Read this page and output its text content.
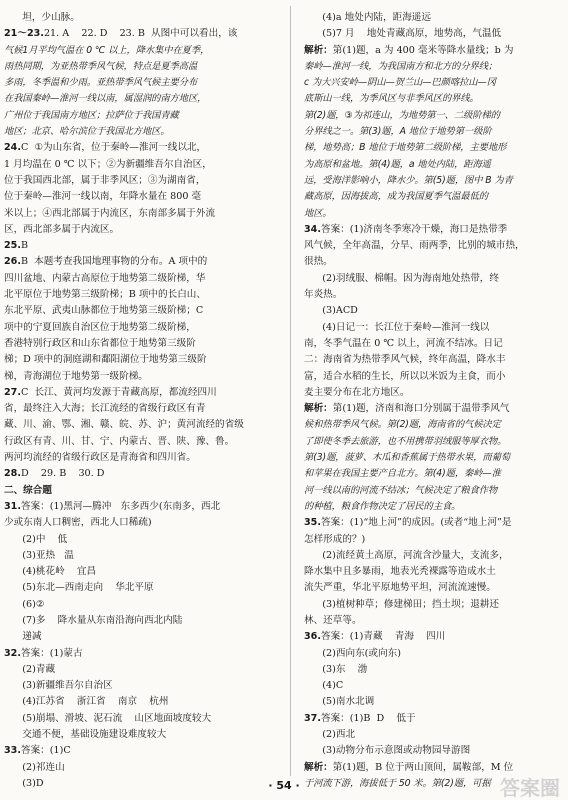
坦，少山脉。
21～23.21. A    22. D    23. B  从图中可以看出，该
气候1月平均气温在 0 ℃ 以上，降水集中在夏季，
雨热同期，为亚热带季风气候，特点是夏季高温
多雨，冬季温和少雨。亚热带季风气候主要分布
在我国秦岭—淮河一线以南，属湿润的南方地区，
广州位于我国南方地区；拉萨位于我国青藏
地区；北京、哈尔滨位于我国北方地区。
24.C  ①为山东省，位于秦岭—淮河一线以北，
1 月均温在 0 ℃ 以下；②为新疆维吾尔自治区，
位于我国西北部，属于非季风区；③为湖南省，
位于秦岭—淮河一线以南，年降水量在 800 毫
米以上；④西北部属于内流区，东南部多属于外流
区，西北部多属于内流区。
25.B
26.B  本题考查我国地理事物的分布。A 项中的
四川盆地、内蒙古高原位于地势第二级阶梯，华
北平原位于地势第三级阶梯；B 项中的长白山、
东北平原、武夷山脉都位于地势第三级阶梯；C
项中的宁夏回族自治区位于地势第二级阶梯，
香港特别行政区和山东省都位于地势第三级阶
梯；D 项中的洞庭湖和鄱阳湖位于地势第三级阶
梯，青海湖位于地势第一级阶梯。
27.C  长江、黄河均发源于青藏高原，都流经四川
省，最终注入大海；长江流经的省级行政区有青
藏、川、渝、鄂、湘、赣、皖、苏、沪；黄河流经的省级
行政区有青、川、甘、宁、内蒙古、晋、陕、豫、鲁。
两河均流经的省级行政区是青海省和四川省。
28.D    29. B    30. D
二、综合题
31.答案：(1)黑河—腾冲   东多西少(东南多，西北
少或东南人口稠密，西北人口稀疏)
(2)中    低
(3)亚热   温
(4)桃花岭    宜昌
(5)东北—西南走向    华北平原
(6)②
(7)多    降水量从东南沿海向西北内陆
递减
32.答案：(1)蒙古
(2)青藏
(3)新疆维吾尔自治区
(4)江苏省    浙江省    南京    杭州
(5)崩塌、滑坡、泥石流    山区地面坡度较大
交通不便，基础设施建设难度较大
33.答案：(1)C
(2)祁连山
(3)D
(4)a 地处内陆，距海遥远
(5)7 月    地处青藏高原，地势高，气温低
解析：第(1)题，a 为 400 毫米等降水量线；b 为
秦岭—淮河一线，为我国南方和北方的分界线；
c 为大兴安岭—阴山—贺兰山—巴颜喀拉山—冈
底斯山一线，为季风区与非季风区的界线。
第(2)题，③为祁连山，为地势第一、二级阶梯的
分界线之一。第(3)题，A 地位于地势第一级阶
梯，地势高；B 地位于地势第二级阶梯，主要地形
为高原和盆地。第(4)题，a 地处内陆，距海遥
远，受海洋影响小，降水少。第(5)题，图中 B 为青
藏高原，因海拔高，成为我国夏季气温最低的
地区。
34.答案：(1)济南冬季寒冷干燥，海口是热带季
风气候，全年高温，分旱、雨两季，比别的城市热，
很热。
(2)羽绒服、棉帽。因为海南地处热带，终
年炎热。
(3)ACD
(4)日记一：长江位于秦岭—淮河一线以
南，冬季气温在 0 ℃ 以上，河流不结冰。日记
二：海南省为热带季风气候，终年高温，降水丰
富，适合水稻的生长，所以以米饭为主食，而小
麦主要分布在北方地区。
解析：第(1)题，济南和海口分别属于温带季风气
候和热带季风气候。第(2)题，海南省的气候决定
了即使冬季去旅游，也不用携带羽绒服等厚衣物。
第(3)题，菠萝、木瓜和香蕉属于热带水果，而葡萄
和苹果在我国主要产自北方。第(4)题，秦岭—淮
河一线以南的河流不结冰；气候决定了粮食作物
的种植，粮食作物决定了居民的主食。
35.答案：(1)“地上河”的成因。(或者“地上河”是
怎样形成的？)
(2)流经黄土高原，河流含沙量大，支流多，
降水集中且多暴雨，地表光秃裸露等造成水土
流失严重，华北平原地势平坦，河流流速慢。
(3)植树种草；修建梯田；挡土坝；退耕还
林、还草等。
36.答案：(1)青藏    青海    四川
(2)西向东(或向东)
(3)东    渤
(4)C
(5)南水北调
37.答案：(1)B  D    低于
(2)西北
(3)动物分布示意图或动物园导游图
解析：第(1)题，B 位于两山顶间，属鞍部，M 位
于河流下游，海拔低于 50 米。第(2)题，可据
· 54 ·	答案圈
